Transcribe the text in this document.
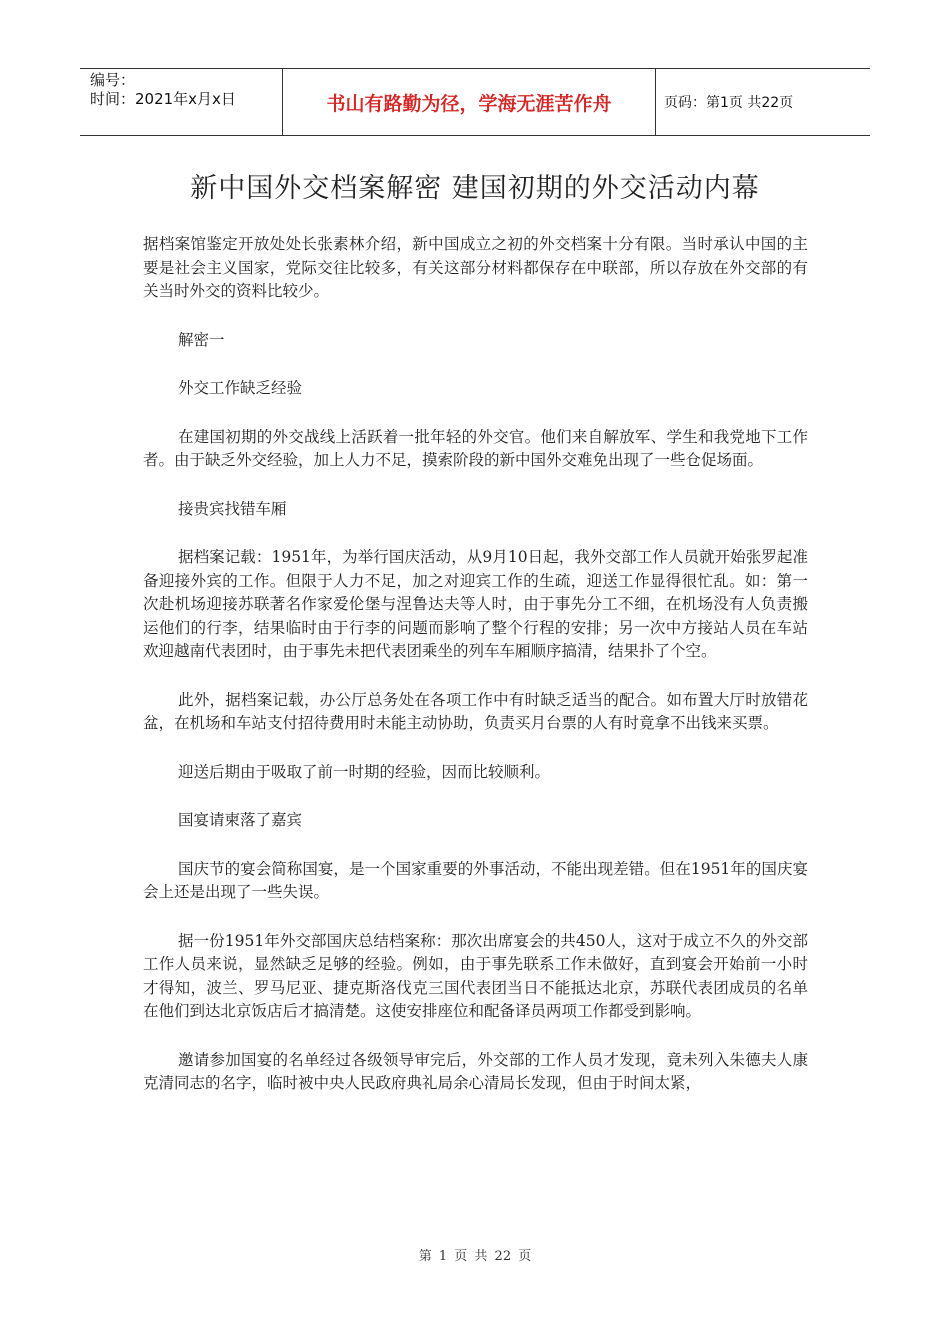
编号：
时间：2021年x月x日	书山有路勤为径，学海无涯苦作舟	页码：第1页 共22页
新中国外交档案解密 建国初期的外交活动内幕

据档案馆鉴定开放处处长张素林介绍，新中国成立之初的外交档案十分有限。当时承认中国的主要是社会主义国家，党际交往比较多，有关这部分材料都保存在中联部，所以存放在外交部的有关当时外交的资料比较少。

解密一

外交工作缺乏经验

在建国初期的外交战线上活跃着一批年轻的外交官。他们来自解放军、学生和我党地下工作者。由于缺乏外交经验，加上人力不足，摸索阶段的新中国外交难免出现了一些仓促场面。

接贵宾找错车厢

据档案记载：1951年，为举行国庆活动，从9月10日起，我外交部工作人员就开始张罗起准备迎接外宾的工作。但限于人力不足，加之对迎宾工作的生疏，迎送工作显得很忙乱。如：第一次赴机场迎接苏联著名作家爱伦堡与涅鲁达夫等人时，由于事先分工不细，在机场没有人负责搬运他们的行李，结果临时由于行李的问题而影响了整个行程的安排；另一次中方接站人员在车站欢迎越南代表团时，由于事先未把代表团乘坐的列车车厢顺序搞清，结果扑了个空。

此外，据档案记载，办公厅总务处在各项工作中有时缺乏适当的配合。如布置大厅时放错花盆，在机场和车站支付招待费用时未能主动协助，负责买月台票的人有时竟拿不出钱来买票。

迎送后期由于吸取了前一时期的经验，因而比较顺利。

国宴请柬落了嘉宾

国庆节的宴会简称国宴，是一个国家重要的外事活动，不能出现差错。但在1951年的国庆宴会上还是出现了一些失误。

据一份1951年外交部国庆总结档案称：那次出席宴会的共450人，这对于成立不久的外交部工作人员来说，显然缺乏足够的经验。例如，由于事先联系工作未做好，直到宴会开始前一小时才得知，波兰、罗马尼亚、捷克斯洛伐克三国代表团当日不能抵达北京，苏联代表团成员的名单在他们到达北京饭店后才搞清楚。这使安排座位和配备译员两项工作都受到影响。

邀请参加国宴的名单经过各级领导审完后，外交部的工作人员才发现，竟未列入朱德夫人康克清同志的名字，临时被中央人民政府典礼局余心清局长发现，但由于时间太紧，

第 1 页 共 22 页
